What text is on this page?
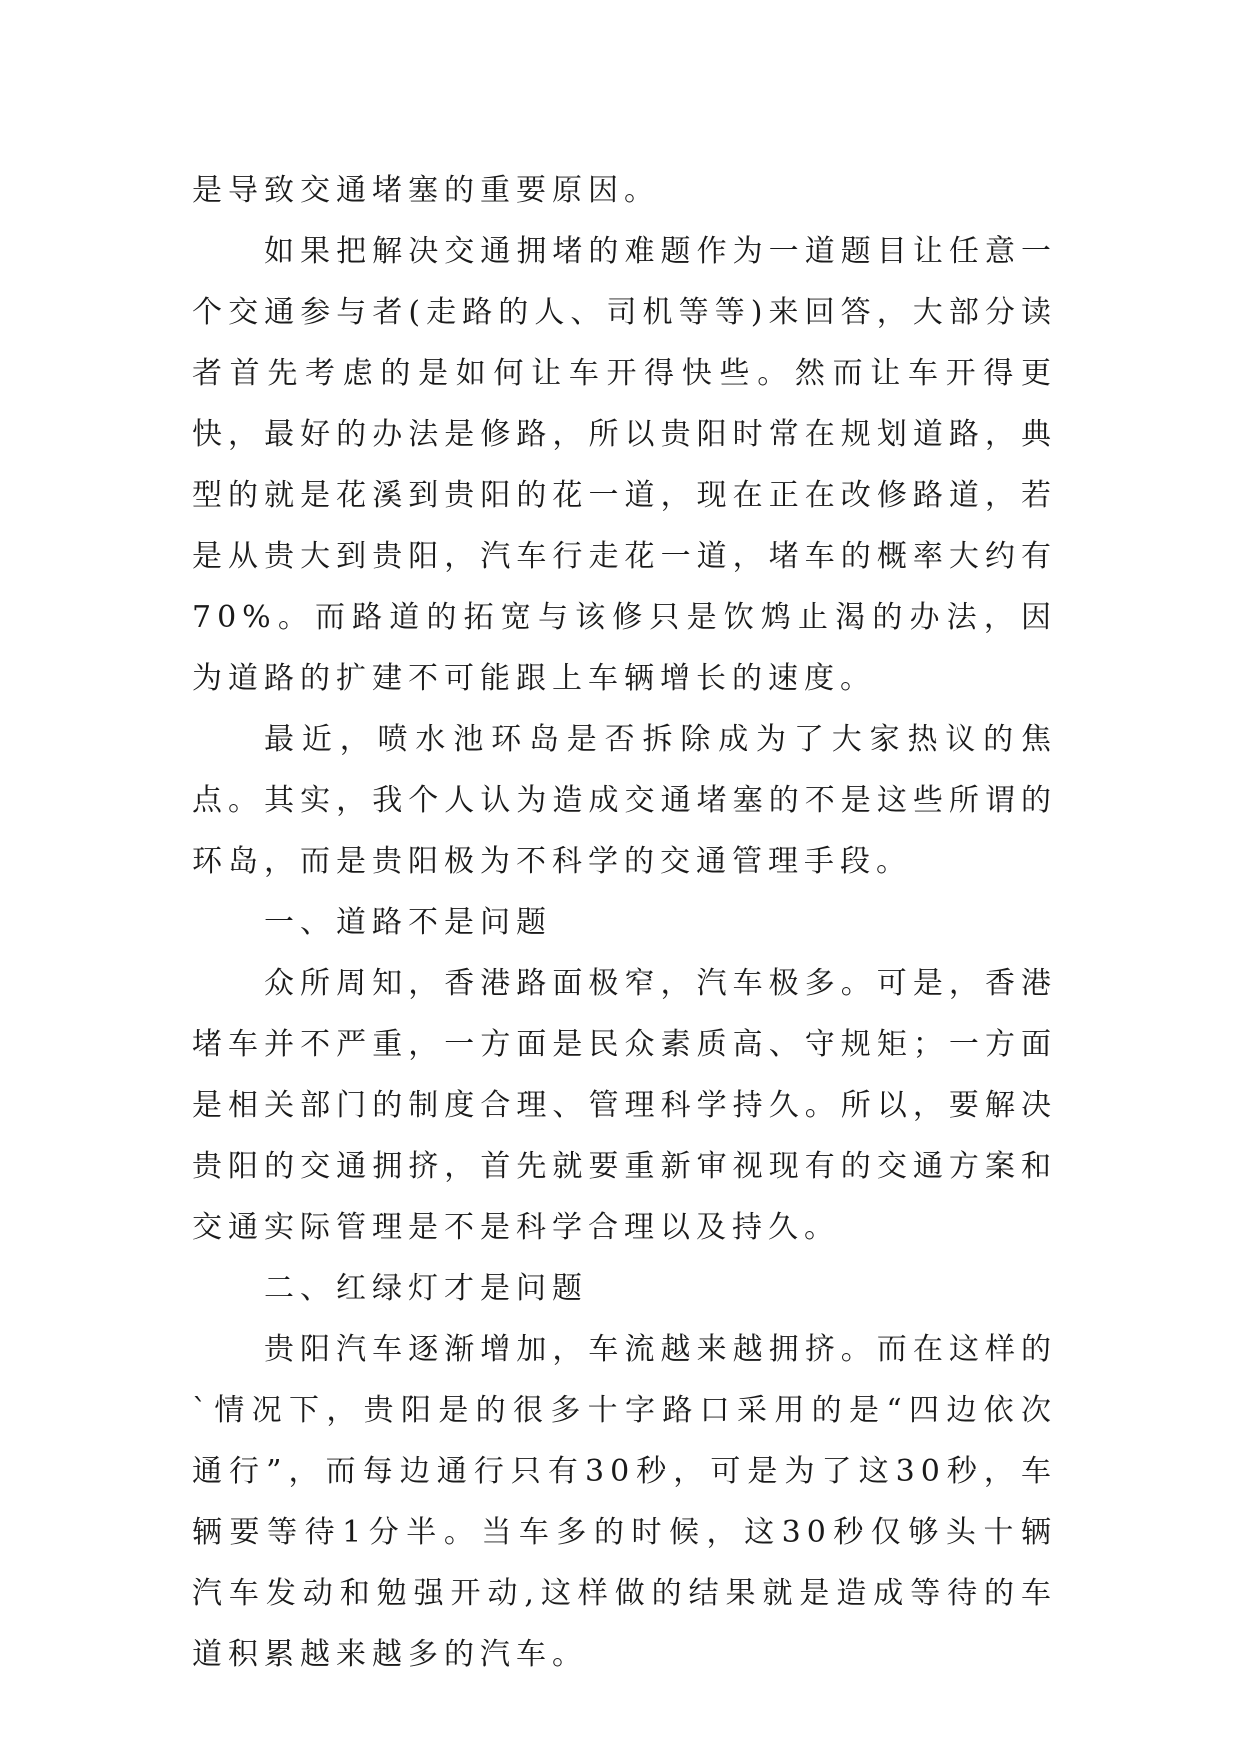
是导致交通堵塞的重要原因。

如果把解决交通拥堵的难题作为一道题目让任意一个交通参与者(走路的人、司机等等)来回答，大部分读者首先考虑的是如何让车开得快些。然而让车开得更快，最好的办法是修路，所以贵阳时常在规划道路，典型的就是花溪到贵阳的花一道，现在正在改修路道，若是从贵大到贵阳，汽车行走花一道，堵车的概率大约有70%。而路道的拓宽与该修只是饮鸩止渴的办法，因为道路的扩建不可能跟上车辆增长的速度。

最近，喷水池环岛是否拆除成为了大家热议的焦点。其实，我个人认为造成交通堵塞的不是这些所谓的环岛，而是贵阳极为不科学的交通管理手段。

一、道路不是问题

众所周知，香港路面极窄，汽车极多。可是，香港堵车并不严重，一方面是民众素质高、守规矩；一方面是相关部门的制度合理、管理科学持久。所以，要解决贵阳的交通拥挤，首先就要重新审视现有的交通方案和交通实际管理是不是科学合理以及持久。

二、红绿灯才是问题

贵阳汽车逐渐增加，车流越来越拥挤。而在这样的`情况下，贵阳是的很多十字路口采用的是“四边依次通行”，而每边通行只有30秒，可是为了这30秒，车辆要等待1分半。当车多的时候，这30秒仅够头十辆汽车发动和勉强开动,这样做的结果就是造成等待的车道积累越来越多的汽车。
